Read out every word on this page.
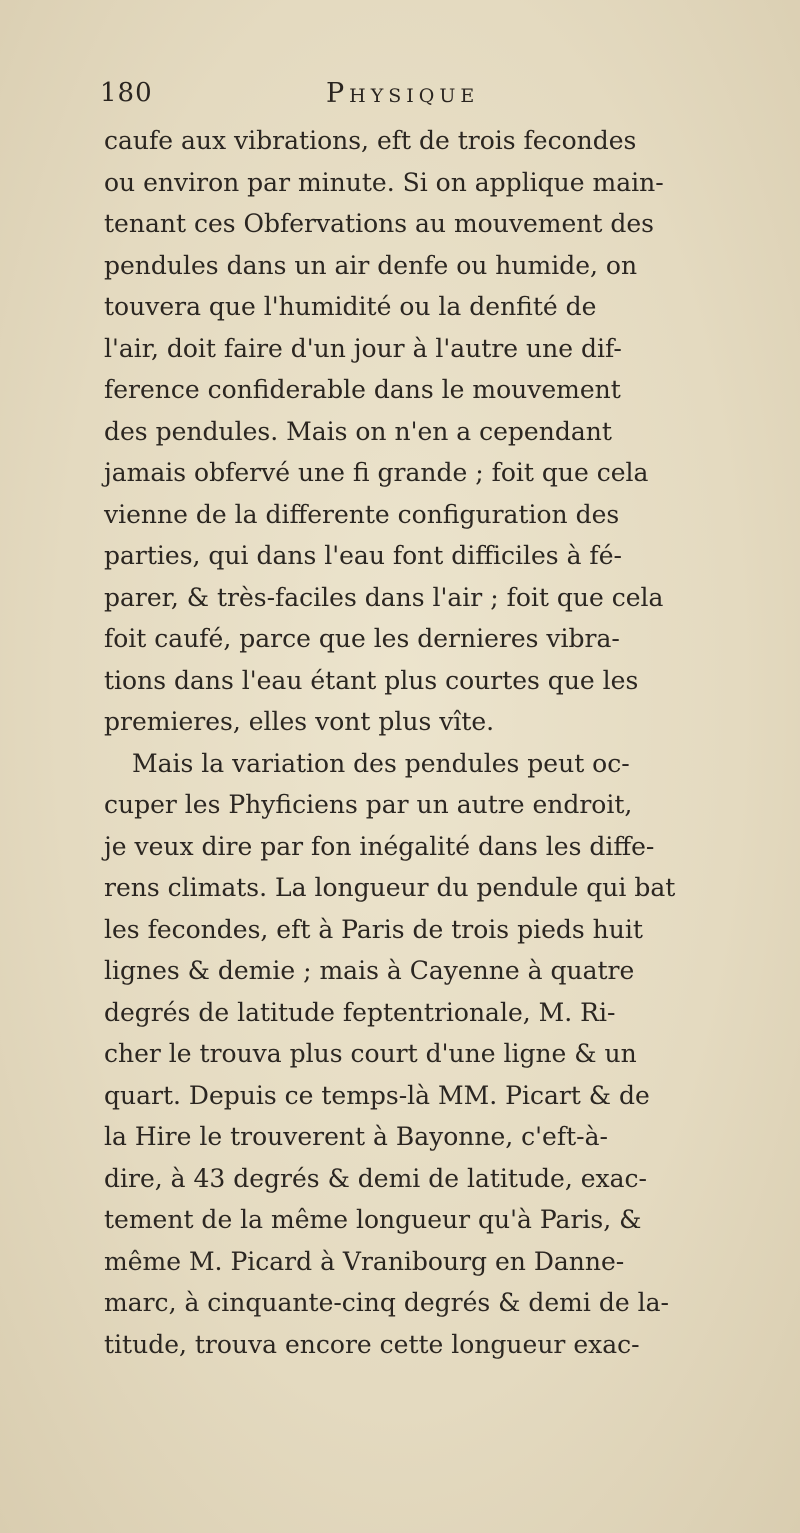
180	Physique
caufe aux vibrations, eft de trois fecondes
ou environ par minute. Si on applique main-
tenant ces Obfervations au mouvement des
pendules dans un air denfe ou humide, on
touvera que l'humidité ou la denfité de
l'air, doit faire d'un jour à l'autre une dif-
ference confiderable dans le mouvement
des pendules. Mais on n'en a cependant
jamais obfervé une fi grande ; foit que cela
vienne de la differente configuration des
parties, qui dans l'eau font difficiles à fé-
parer, & très-faciles dans l'air ; foit que cela
foit caufé, parce que les dernieres vibra-
tions dans l'eau étant plus courtes que les
premieres, elles vont plus vîte.
Mais la variation des pendules peut oc-
cuper les Phyficiens par un autre endroit,
je veux dire par fon inégalité dans les diffe-
rens climats. La longueur du pendule qui bat
les fecondes, eft à Paris de trois pieds huit
lignes & demie ; mais à Cayenne à quatre
degrés de latitude feptentrionale, M. Ri-
cher le trouva plus court d'une ligne & un
quart. Depuis ce temps-là MM. Picart & de
la Hire le trouverent à Bayonne, c'eft-à-
dire, à 43 degrés & demi de latitude, exac-
tement de la même longueur qu'à Paris, &
même M. Picard à Vranibourg en Danne-
marc, à cinquante-cinq degrés & demi de la-
titude, trouva encore cette longueur exac-
